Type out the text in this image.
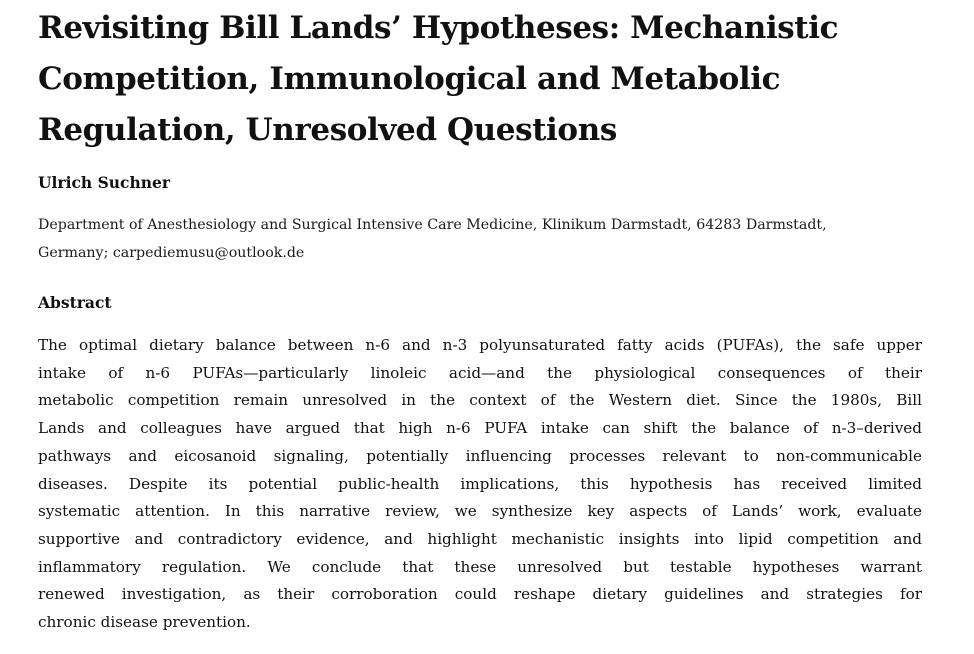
Revisiting Bill Lands’ Hypotheses: Mechanistic
Competition, Immunological and Metabolic
Regulation, Unresolved Questions

Ulrich Suchner

Department of Anesthesiology and Surgical Intensive Care Medicine, Klinikum Darmstadt, 64283 Darmstadt,
Germany; carpediemusu@outlook.de

Abstract

The optimal dietary balance between n-6 and n-3 polyunsaturated fatty acids (PUFAs), the safe upper
intake of n-6 PUFAs—particularly linoleic acid—and the physiological consequences of their
metabolic competition remain unresolved in the context of the Western diet. Since the 1980s, Bill
Lands and colleagues have argued that high n-6 PUFA intake can shift the balance of n-3–derived
pathways and eicosanoid signaling, potentially influencing processes relevant to non-communicable
diseases. Despite its potential public-health implications, this hypothesis has received limited
systematic attention. In this narrative review, we synthesize key aspects of Lands’ work, evaluate
supportive and contradictory evidence, and highlight mechanistic insights into lipid competition and
inflammatory regulation. We conclude that these unresolved but testable hypotheses warrant
renewed investigation, as their corroboration could reshape dietary guidelines and strategies for
chronic disease prevention.
